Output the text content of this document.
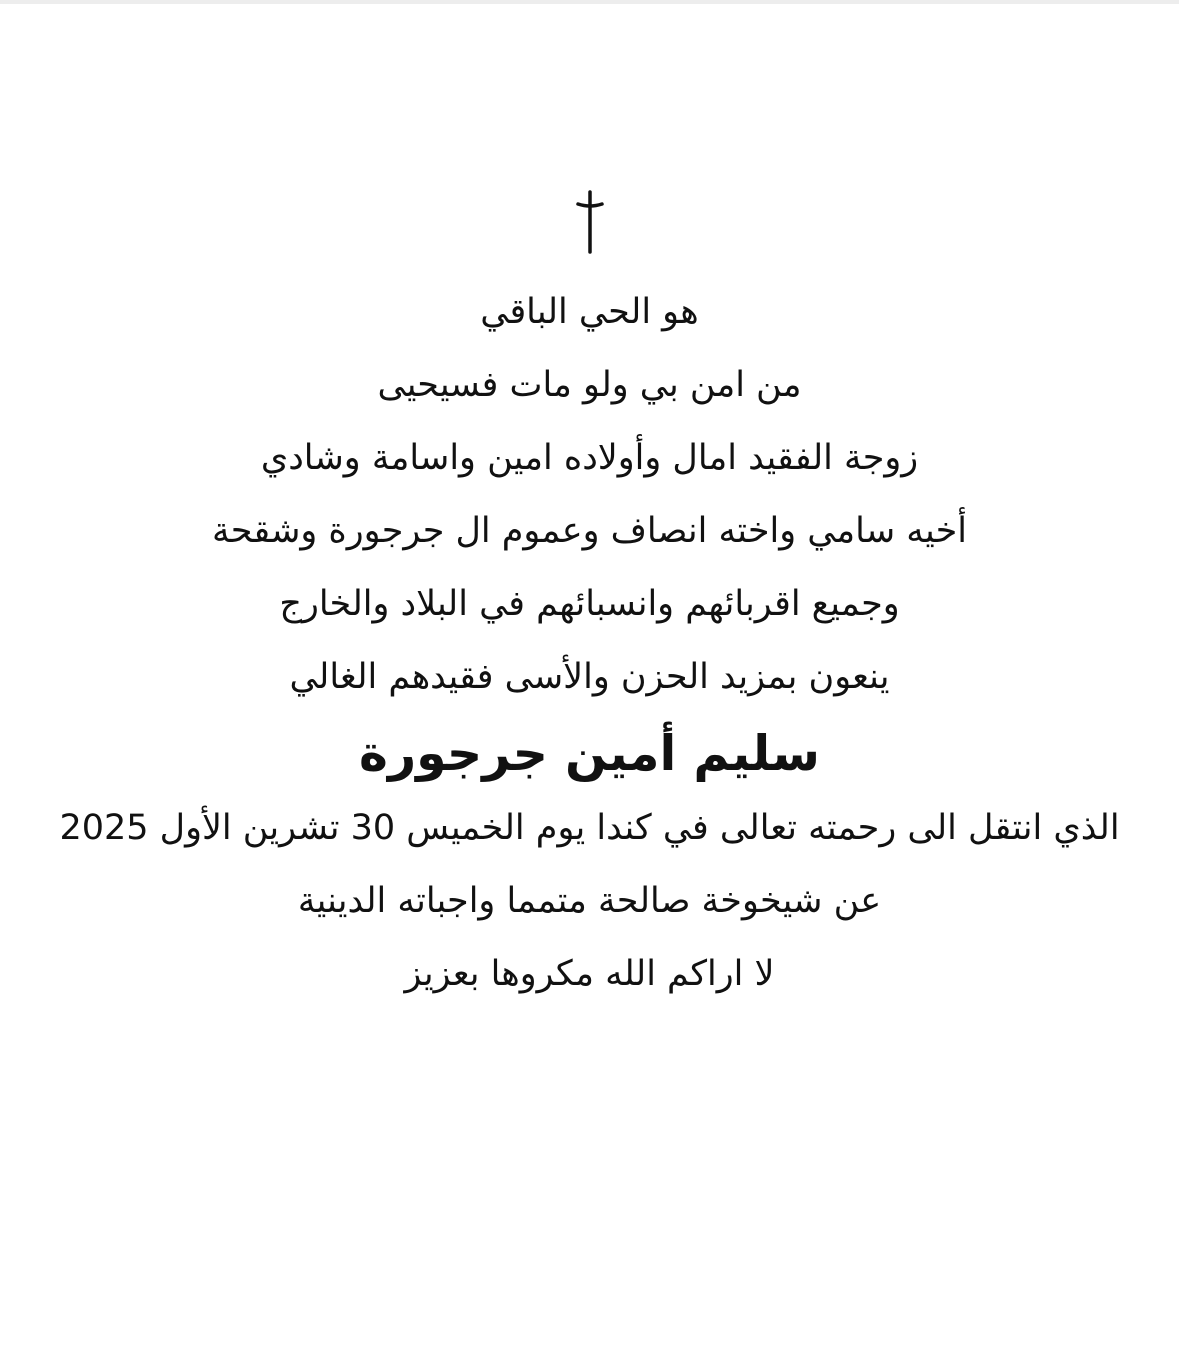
هو الحي الباقي

من امن بي ولو مات فسيحيى

زوجة الفقيد امال وأولاده امين واسامة وشادي

أخيه سامي واخته انصاف وعموم ال جرجورة وشقحة

وجميع اقربائهم وانسبائهم في البلاد والخارج

ينعون بمزيد الحزن والأسى فقيدهم الغالي

سليم أمين جرجورة

الذي انتقل الى رحمته تعالى في كندا يوم الخميس 30 تشرين الأول 2025

عن شيخوخة صالحة متمما واجباته الدينية

لا اراكم الله مكروها بعزيز
